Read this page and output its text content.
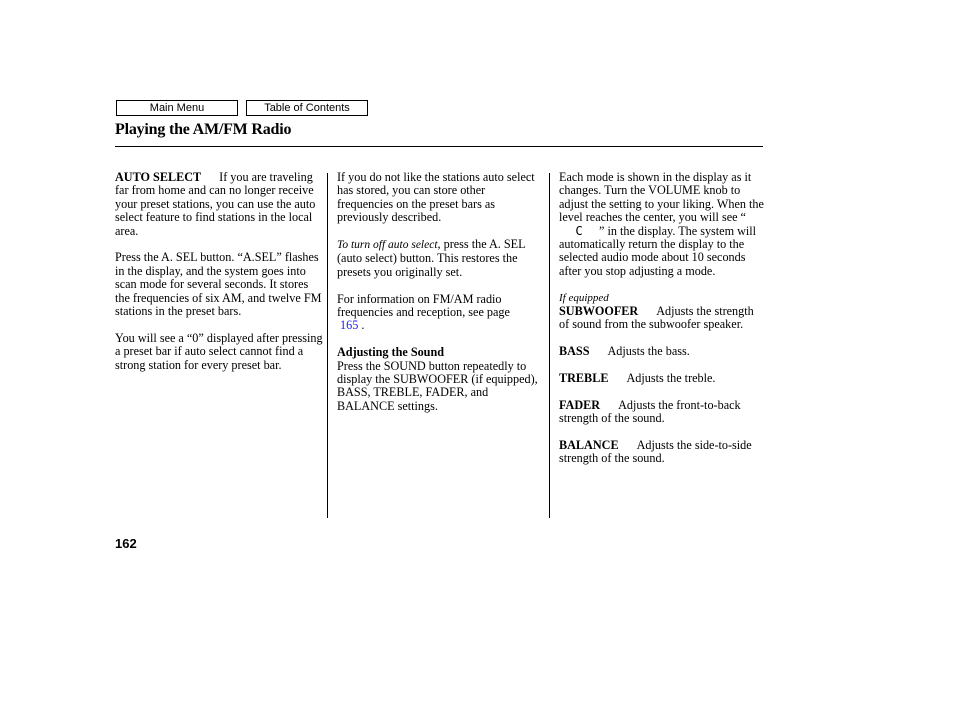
Main Menu	Table of Contents
Playing the AM/FM Radio

AUTO SELECT If you are traveling far from home and can no longer receive your preset stations, you can use the auto select feature to find stations in the local area.

Press the A. SEL button. “A.SEL” flashes in the display, and the system goes into scan mode for several seconds. It stores the frequencies of six AM, and twelve FM stations in the preset bars.

You will see a “0” displayed after pressing a preset bar if auto select cannot find a strong station for every preset bar.

If you do not like the stations auto select has stored, you can store other frequencies on the preset bars as previously described.

To turn off auto select, press the A. SEL (auto select) button. This restores the presets you originally set.

For information on FM/AM radio frequencies and reception, see page
165 .

Adjusting the Sound
Press the SOUND button repeatedly to display the SUBWOOFER (if equipped), BASS, TREBLE, FADER, and BALANCE settings.

Each mode is shown in the display as it changes. Turn the VOLUME knob to adjust the setting to your liking. When the level reaches the center, you will see “C ” in the display. The system will automatically return the display to the selected audio mode about 10 seconds after you stop adjusting a mode.

If equipped
SUBWOOFER Adjusts the strength of sound from the subwoofer speaker.

BASS Adjusts the bass.

TREBLE Adjusts the treble.

FADER Adjusts the front-to-back strength of the sound.

BALANCE Adjusts the side-to-side strength of the sound.

162
